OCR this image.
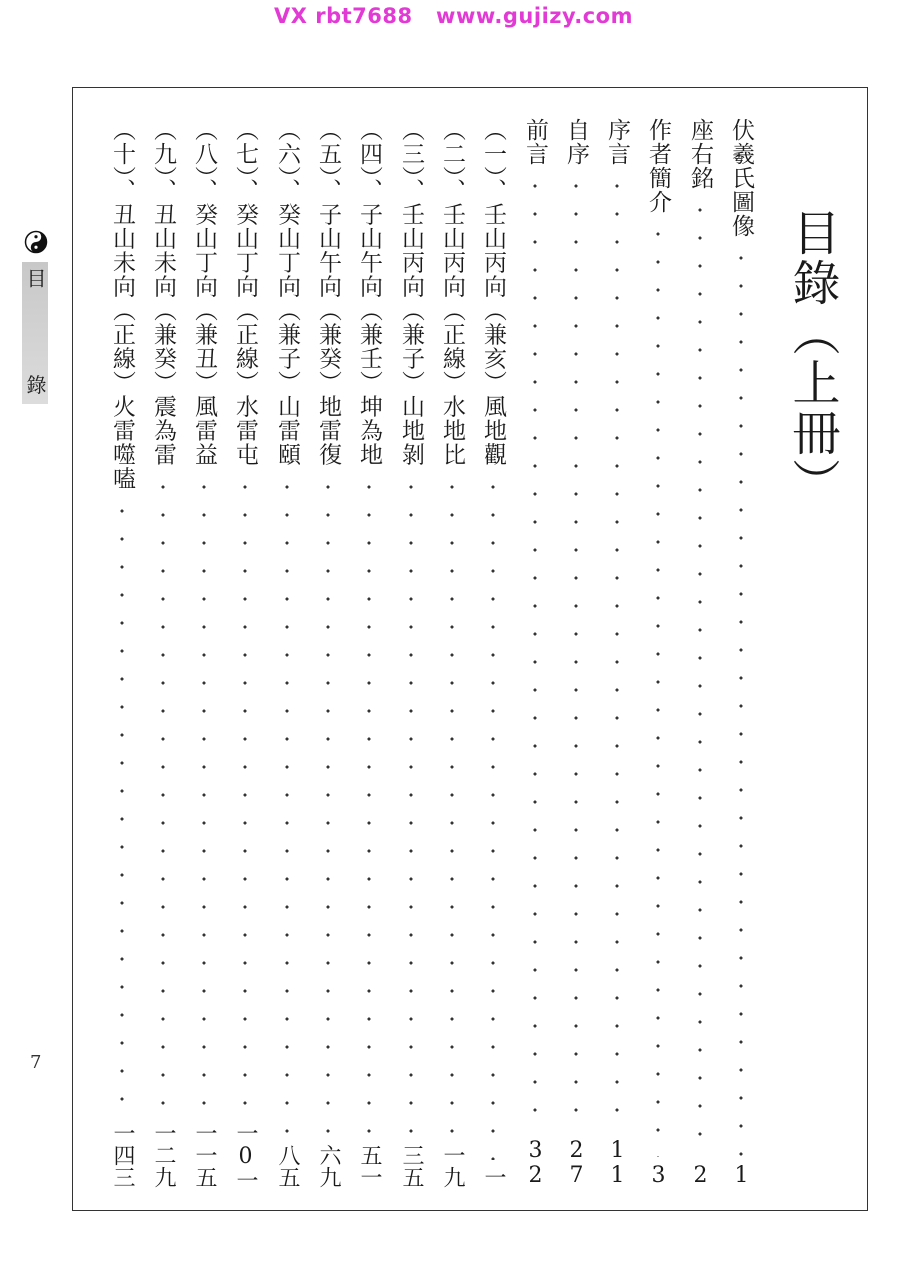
VX rbt7688   www.gujizy.com
目錄（上冊）
伏羲氏圖像
1
座右銘
2
作者簡介
3
序言
11
自序
27
前言
32
（一）、壬山丙向（兼亥）風地觀
一
（二）、壬山丙向（正線）水地比
一九
（三）、壬山丙向（兼子）山地剝
三五
（四）、子山午向（兼壬）坤為地
五一
（五）、子山午向（兼癸）地雷復
六九
（六）、癸山丁向（兼子）山雷頤
八五
（七）、癸山丁向（正線）水雷屯
一0一
（八）、癸山丁向（兼丑）風雷益
一一五
（九）、丑山未向（兼癸）震為雷
一二九
（十）、丑山未向（正線）火雷噬嗑
一四三
目 錄
7
